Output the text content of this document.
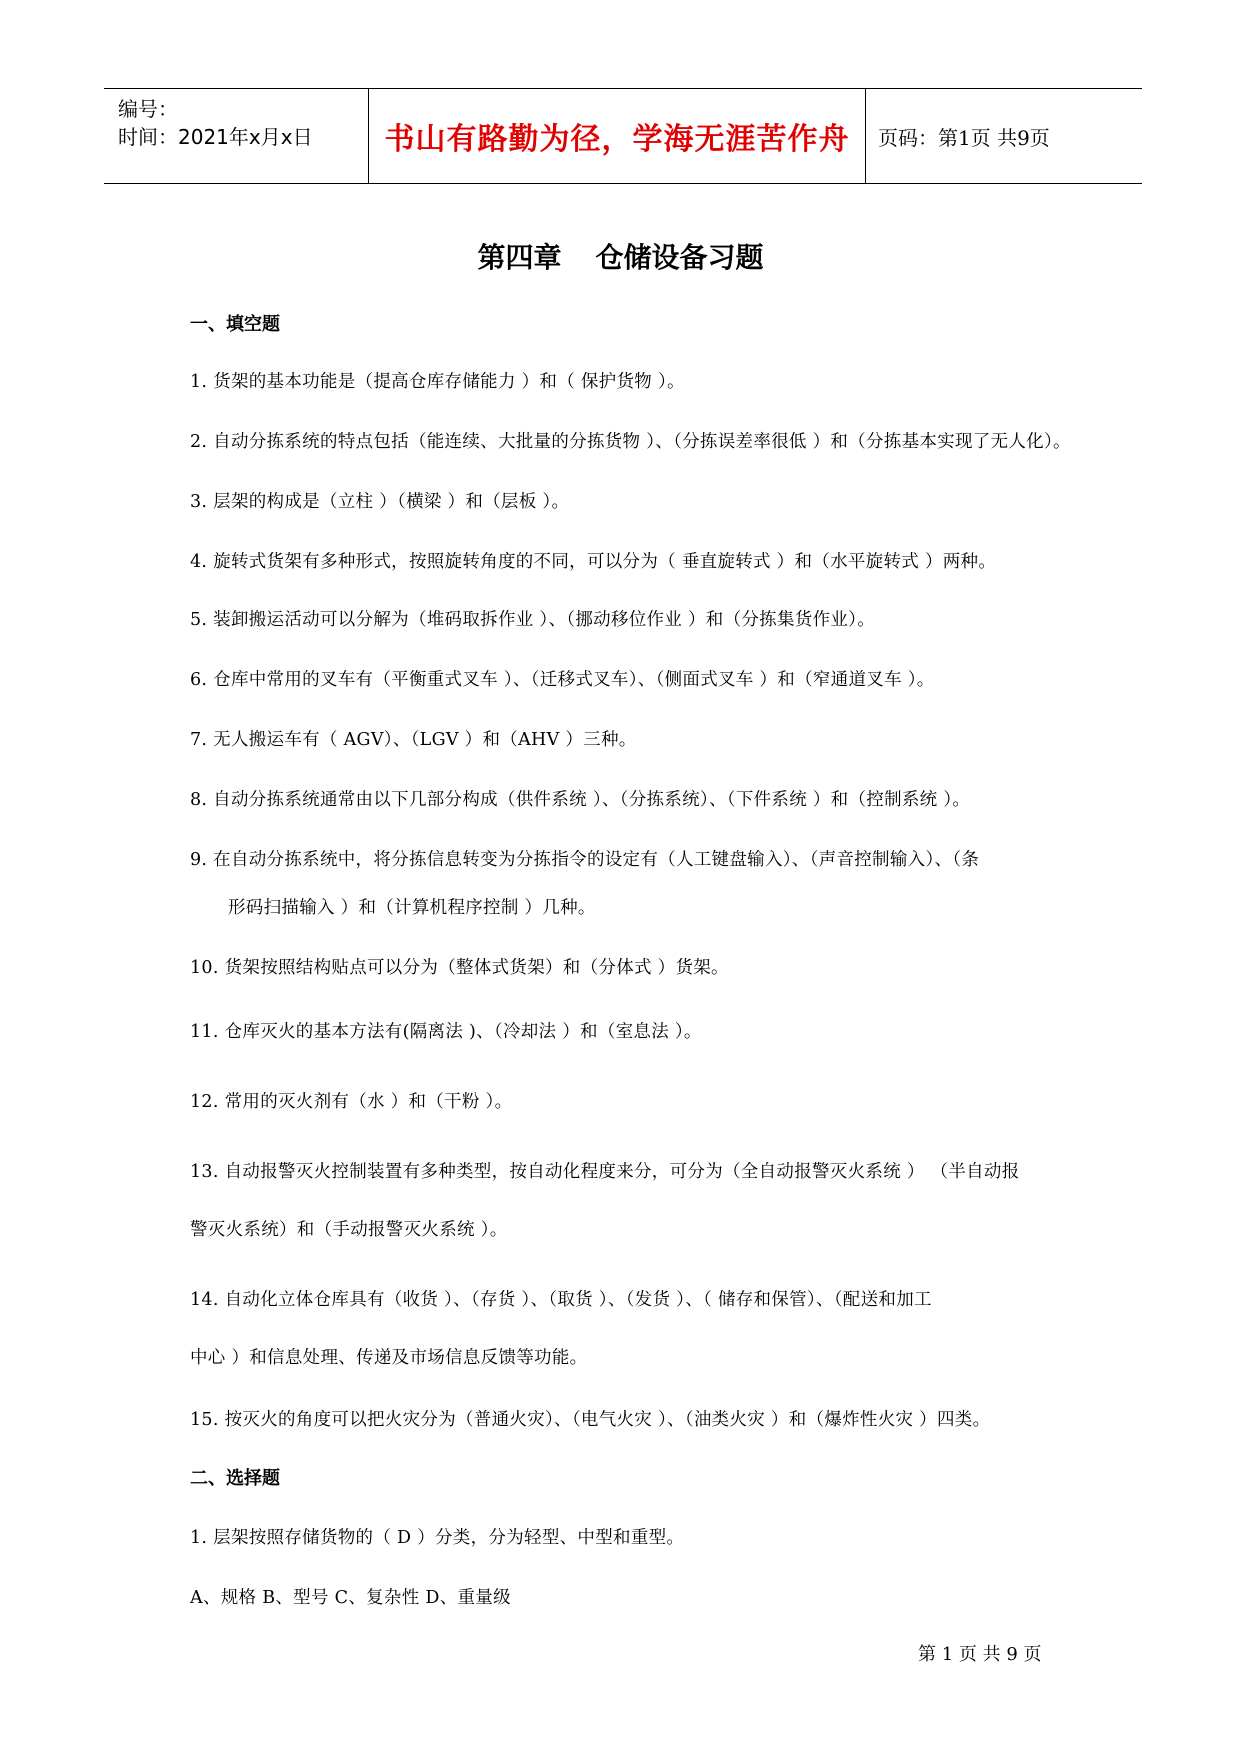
编号：
时间：2021年x月x日	书山有路勤为径，学海无涯苦作舟	页码：第1页 共9页
第四章 仓储设备习题
一、填空题
1. 货架的基本功能是（提高仓库存储能力 ）和（ 保护货物 ）。
2. 自动分拣系统的特点包括（能连续、大批量的分拣货物 ）、（分拣误差率很低 ）和（分拣基本实现了无人化）。
3. 层架的构成是（立柱 ）（横梁 ）和（层板 ）。
4. 旋转式货架有多种形式，按照旋转角度的不同，可以分为（ 垂直旋转式 ）和（水平旋转式 ）两种。
5. 装卸搬运活动可以分解为（堆码取拆作业 ）、（挪动移位作业 ）和（分拣集货作业）。
6. 仓库中常用的叉车有（平衡重式叉车 ）、（迁移式叉车）、（侧面式叉车 ）和（窄通道叉车 ）。
7. 无人搬运车有（ AGV）、（LGV ）和（AHV ）三种。
8. 自动分拣系统通常由以下几部分构成（供件系统 ）、（分拣系统）、（下件系统 ）和（控制系统 ）。
9. 在自动分拣系统中，将分拣信息转变为分拣指令的设定有（人工键盘输入）、（声音控制输入）、（条
形码扫描输入 ）和（计算机程序控制 ）几种。
10. 货架按照结构贴点可以分为（整体式货架）和（分体式 ）货架。
11. 仓库灭火的基本方法有(隔离法 )、（冷却法 ）和（室息法 ）。
12. 常用的灭火剂有（水 ）和（干粉 ）。
13. 自动报警灭火控制装置有多种类型，按自动化程度来分，可分为（全自动报警灭火系统 ） （半自动报
警灭火系统）和（手动报警灭火系统 ）。
14. 自动化立体仓库具有（收货 ）、（存货 ）、（取货 ）、（发货 ）、（ 储存和保管）、（配送和加工
中心 ）和信息处理、传递及市场信息反馈等功能。
15. 按灭火的角度可以把火灾分为（普通火灾）、（电气火灾 ）、（油类火灾 ）和（爆炸性火灾 ）四类。
二、选择题
1. 层架按照存储货物的（ D ）分类，分为轻型、中型和重型。
A、规格 B、型号 C、复杂性 D、重量级
第 1 页 共 9 页
